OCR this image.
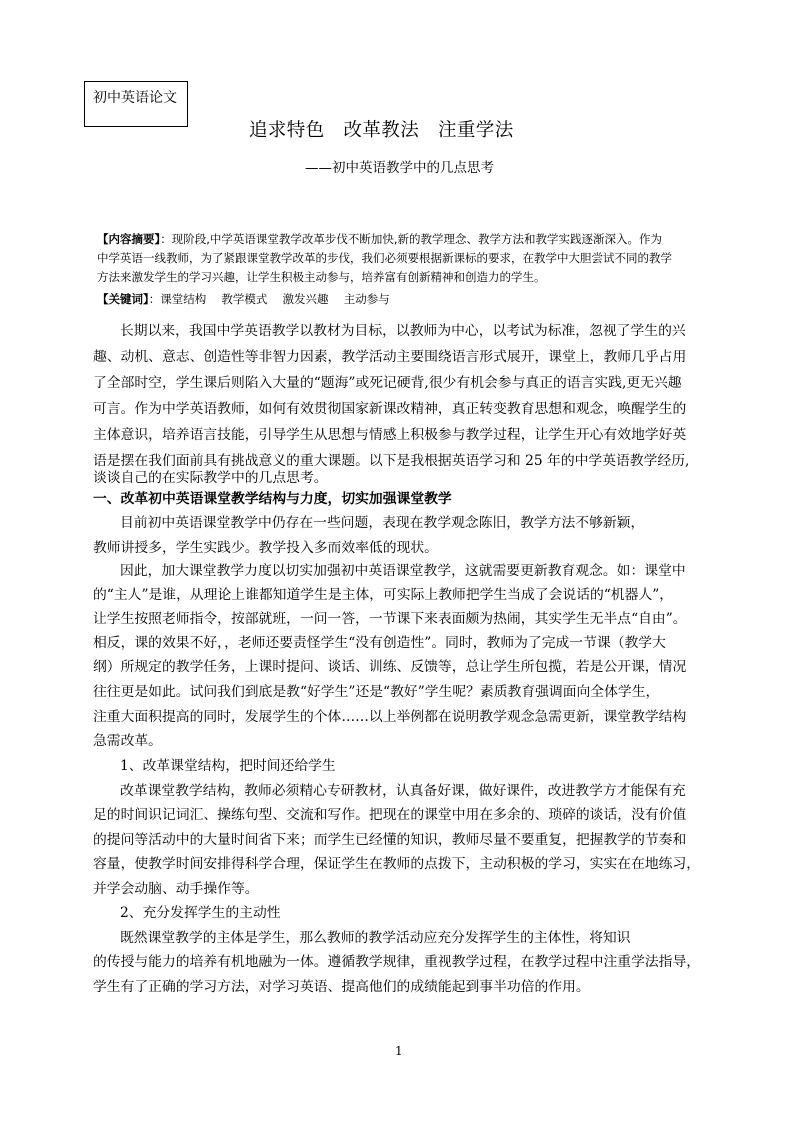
初中英语论文
追求特色　改革教法　注重学法
——初中英语教学中的几点思考
【内容摘要】：现阶段,中学英语课堂教学改革步伐不断加快,新的教学理念、教学方法和教学实践逐渐深入。作为
中学英语一线教师，为了紧跟课堂教学改革的步伐，我们必须要根据新课标的要求，在教学中大胆尝试不同的教学
方法来激发学生的学习兴趣，让学生积极主动参与，培养富有创新精神和创造力的学生。
【关键词】：课堂结构　 教学模式 　激发兴趣　 主动参与
长期以来，我国中学英语教学以教材为目标，以教师为中心，以考试为标准，忽视了学生的兴
趣、动机、意志、创造性等非智力因素，教学活动主要围绕语言形式展开，课堂上，教师几乎占用
了全部时空，学生课后则陷入大量的“题海”或死记硬背,很少有机会参与真正的语言实践,更无兴趣
可言。作为中学英语教师，如何有效贯彻国家新课改精神，真正转变教育思想和观念，唤醒学生的
主体意识，培养语言技能，引导学生从思想与情感上积极参与教学过程，让学生开心有效地学好英
语是摆在我们面前具有挑战意义的重大课题。以下是我根据英语学习和 25 年的中学英语教学经历,
谈谈自己的在实际教学中的几点思考。
一、改革初中英语课堂教学结构与力度，切实加强课堂教学
目前初中英语课堂教学中仍存在一些问题，表现在教学观念陈旧，教学方法不够新颖，
教师讲授多，学生实践少。教学投入多而效率低的现状。
因此，加大课堂教学力度以切实加强初中英语课堂教学，这就需要更新教育观念。如：课堂中
的“主人”是谁，从理论上谁都知道学生是主体，可实际上教师把学生当成了会说话的“机器人”，
让学生按照老师指令，按部就班，一问一答，一节课下来表面颇为热闹，其实学生无半点“自由”。
相反，课的效果不好，，老师还要责怪学生“没有创造性”。同时，教师为了完成一节课（教学大
纲）所规定的教学任务，上课时提问、谈话、训练、反馈等，总让学生所包揽，若是公开课，情况
往往更是如此。试问我们到底是教“好学生”还是“教好”学生呢？素质教育强调面向全体学生，
注重大面积提高的同时，发展学生的个体……以上举例都在说明教学观念急需更新，课堂教学结构
急需改革。
1、改革课堂结构，把时间还给学生
改革课堂教学结构，教师必须精心专研教材，认真备好课，做好课件，改进教学方才能保有充
足的时间识记词汇、操练句型、交流和写作。把现在的课堂中用在多余的、琐碎的谈话，没有价值
的提问等活动中的大量时间省下来；而学生已经懂的知识，教师尽量不要重复，把握教学的节奏和
容量，使教学时间安排得科学合理，保证学生在教师的点拨下，主动积极的学习，实实在在地练习，
并学会动脑、动手操作等。
2、充分发挥学生的主动性
既然课堂教学的主体是学生，那么教师的教学活动应充分发挥学生的主体性，将知识
的传授与能力的培养有机地融为一体。遵循教学规律，重视教学过程，在教学过程中注重学法指导，
学生有了正确的学习方法，对学习英语、提高他们的成绩能起到事半功倍的作用。
1
